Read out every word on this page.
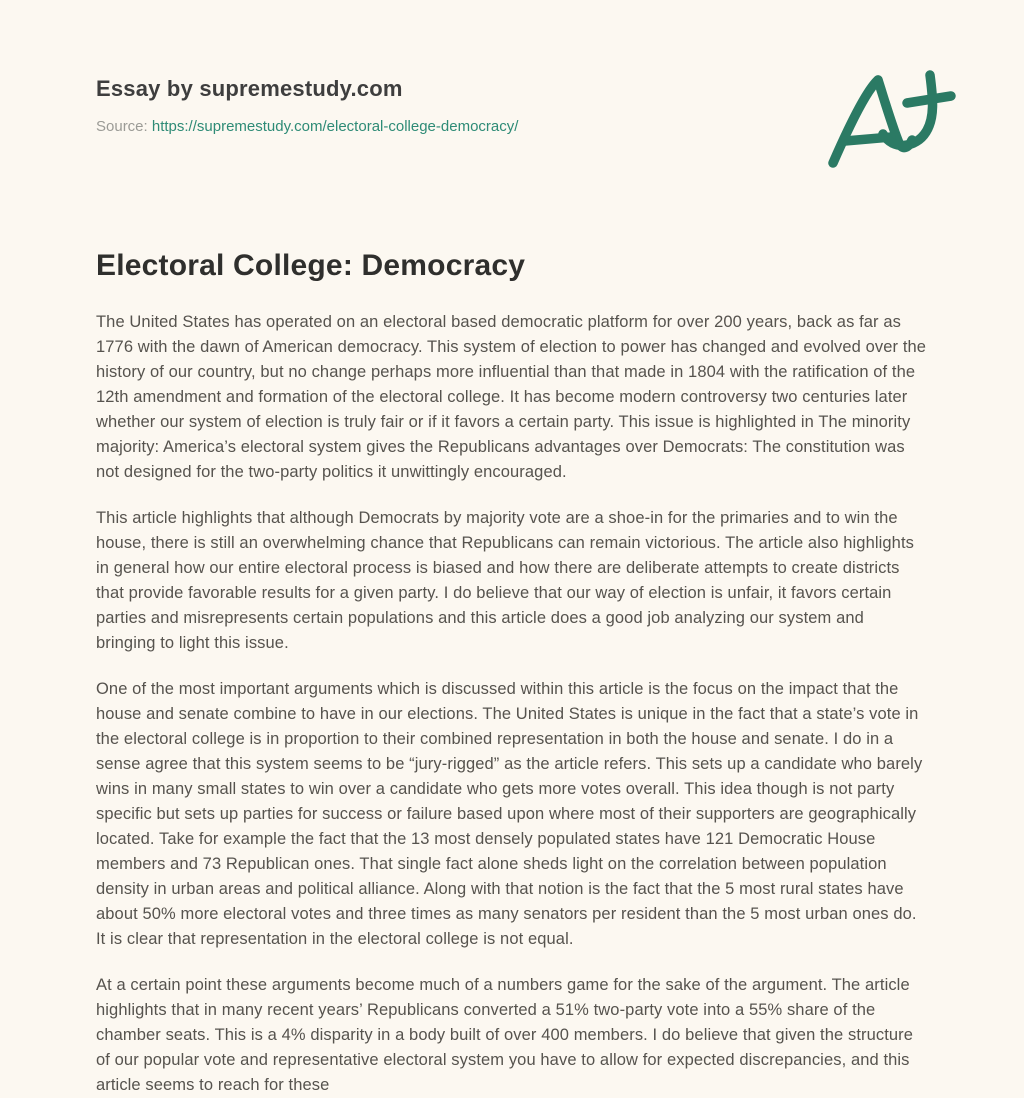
Essay by supremestudy.com

Source: https://supremestudy.com/electoral-college-democracy/

Electoral College: Democracy

The United States has operated on an electoral based democratic platform for over 200 years, back as far as 1776 with the dawn of American democracy. This system of election to power has changed and evolved over the history of our country, but no change perhaps more influential than that made in 1804 with the ratification of the 12th amendment and formation of the electoral college. It has become modern controversy two centuries later whether our system of election is truly fair or if it favors a certain party. This issue is highlighted in The minority majority: America’s electoral system gives the Republicans advantages over Democrats: The constitution was not designed for the two-party politics it unwittingly encouraged.

This article highlights that although Democrats by majority vote are a shoe-in for the primaries and to win the house, there is still an overwhelming chance that Republicans can remain victorious. The article also highlights in general how our entire electoral process is biased and how there are deliberate attempts to create districts that provide favorable results for a given party. I do believe that our way of election is unfair, it favors certain parties and misrepresents certain populations and this article does a good job analyzing our system and bringing to light this issue.

One of the most important arguments which is discussed within this article is the focus on the impact that the house and senate combine to have in our elections. The United States is unique in the fact that a state’s vote in the electoral college is in proportion to their combined representation in both the house and senate. I do in a sense agree that this system seems to be “jury-rigged” as the article refers. This sets up a candidate who barely wins in many small states to win over a candidate who gets more votes overall. This idea though is not party specific but sets up parties for success or failure based upon where most of their supporters are geographically located. Take for example the fact that the 13 most densely populated states have 121 Democratic House members and 73 Republican ones. That single fact alone sheds light on the correlation between population density in urban areas and political alliance. Along with that notion is the fact that the 5 most rural states have about 50% more electoral votes and three times as many senators per resident than the 5 most urban ones do. It is clear that representation in the electoral college is not equal.

At a certain point these arguments become much of a numbers game for the sake of the argument. The article highlights that in many recent years’ Republicans converted a 51% two-party vote into a 55% share of the chamber seats. This is a 4% disparity in a body built of over 400 members. I do believe that given the structure of our popular vote and representative electoral system you have to allow for expected discrepancies, and this article seems to reach for these
